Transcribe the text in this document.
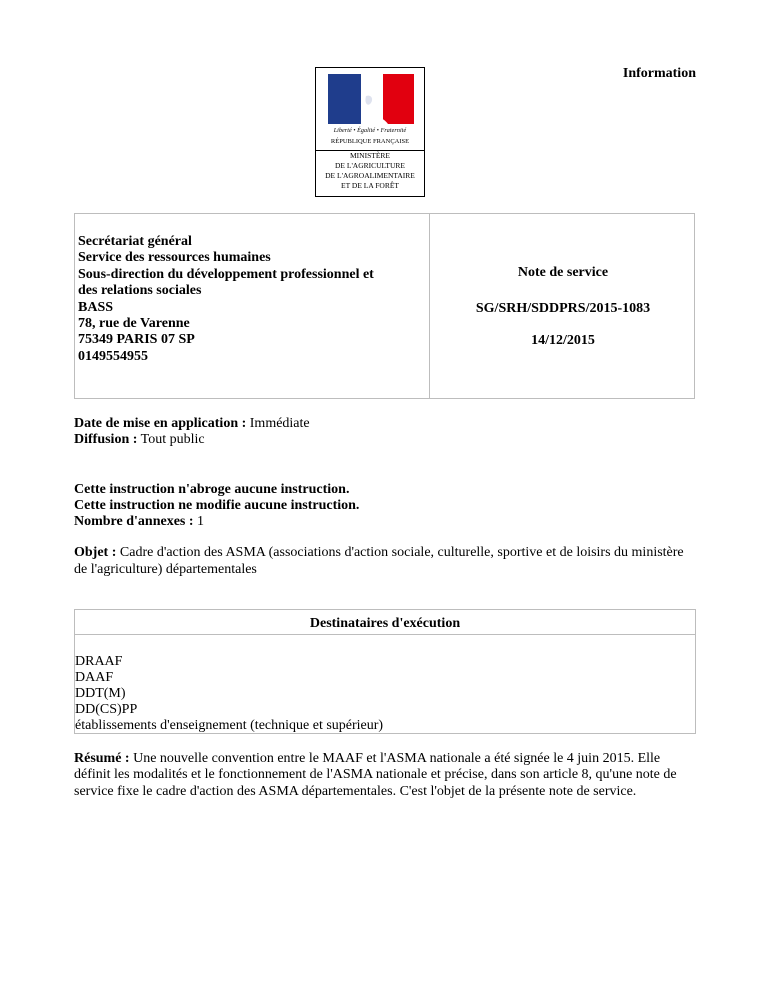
Information
Liberté • Égalité • Fraternité
RÉPUBLIQUE FRANÇAISE
MINISTÈRE
DE L'AGRICULTURE
DE L'AGROALIMENTAIRE
ET DE LA FORÊT
Secrétariat général
Service des ressources humaines
Sous-direction du développement professionnel et
des relations sociales
BASS
78, rue de Varenne
75349 PARIS 07 SP
0149554955
Note de service
SG/SRH/SDDPRS/2015-1083
14/12/2015
Date de mise en application : Immédiate
Diffusion : Tout public
Cette instruction n'abroge aucune instruction.
Cette instruction ne modifie aucune instruction.
Nombre d'annexes : 1
Objet : Cadre d'action des ASMA (associations d'action sociale, culturelle, sportive et de loisirs du ministère de l'agriculture) départementales
Destinataires d'exécution
DRAAF
DAAF
DDT(M)
DD(CS)PP
établissements d'enseignement (technique et supérieur)
Résumé : Une nouvelle convention entre le MAAF et l'ASMA nationale a été signée le 4 juin 2015. Elle définit les modalités et le fonctionnement de l'ASMA nationale et précise, dans son article 8, qu'une note de service fixe le cadre d'action des ASMA départementales. C'est l'objet de la présente note de service.
